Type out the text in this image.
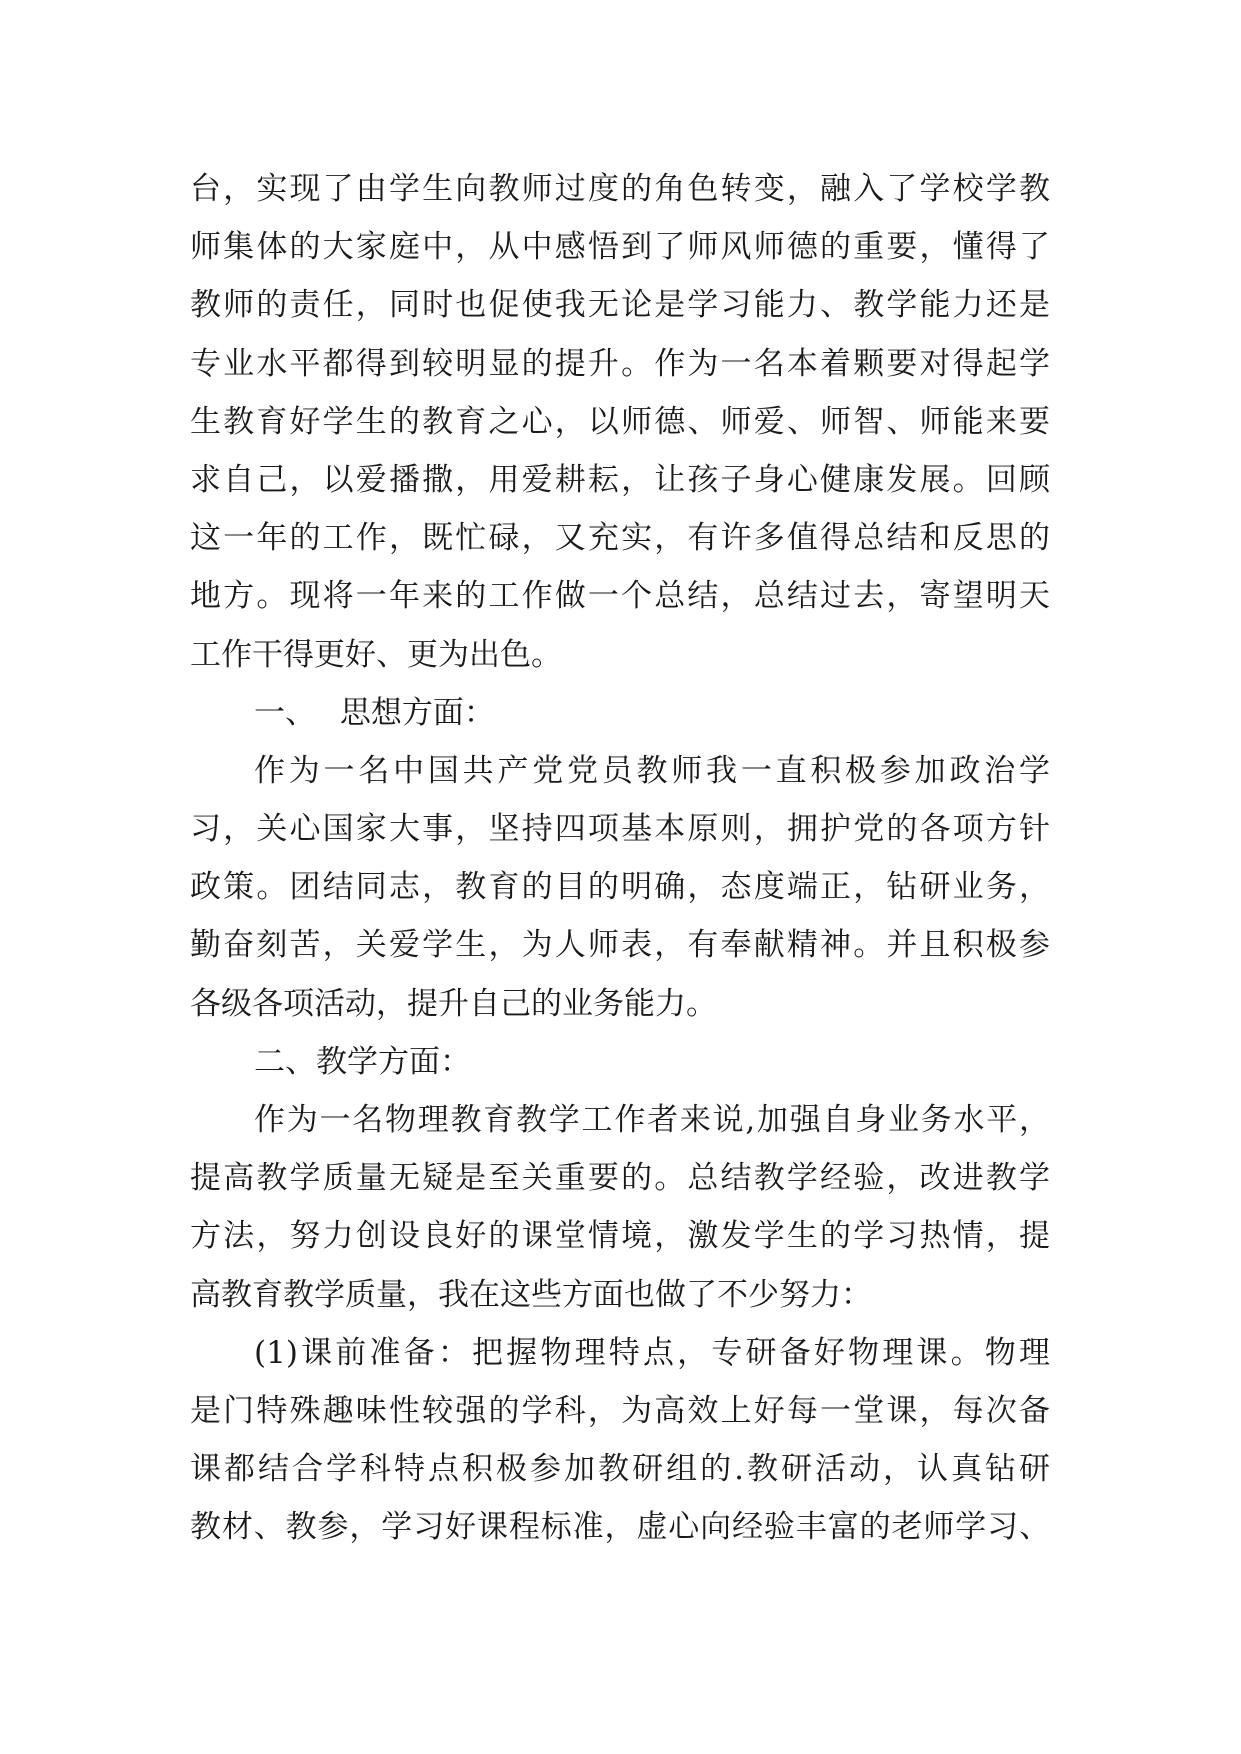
台，实现了由学生向教师过度的角色转变，融入了学校学教
师集体的大家庭中，从中感悟到了师风师德的重要，懂得了
教师的责任，同时也促使我无论是学习能力、教学能力还是
专业水平都得到较明显的提升。作为一名本着颗要对得起学
生教育好学生的教育之心，以师德、师爱、师智、师能来要
求自己，以爱播撒，用爱耕耘，让孩子身心健康发展。回顾
这一年的工作，既忙碌，又充实，有许多值得总结和反思的
地方。现将一年来的工作做一个总结，总结过去，寄望明天
工作干得更好、更为出色。
一、 思想方面：
作为一名中国共产党党员教师我一直积极参加政治学
习，关心国家大事，坚持四项基本原则，拥护党的各项方针
政策。团结同志，教育的目的明确，态度端正，钻研业务，
勤奋刻苦，关爱学生，为人师表，有奉献精神。并且积极参
各级各项活动，提升自己的业务能力。
二、教学方面：
作为一名物理教育教学工作者来说,加强自身业务水平，
提高教学质量无疑是至关重要的。总结教学经验，改进教学
方法，努力创设良好的课堂情境，激发学生的学习热情，提
高教育教学质量，我在这些方面也做了不少努力：
(1)课前准备：把握物理特点，专研备好物理课。物理
是门特殊趣味性较强的学科，为高效上好每一堂课，每次备
课都结合学科特点积极参加教研组的.教研活动，认真钻研
教材、教参，学习好课程标准，虚心向经验丰富的老师学习、
